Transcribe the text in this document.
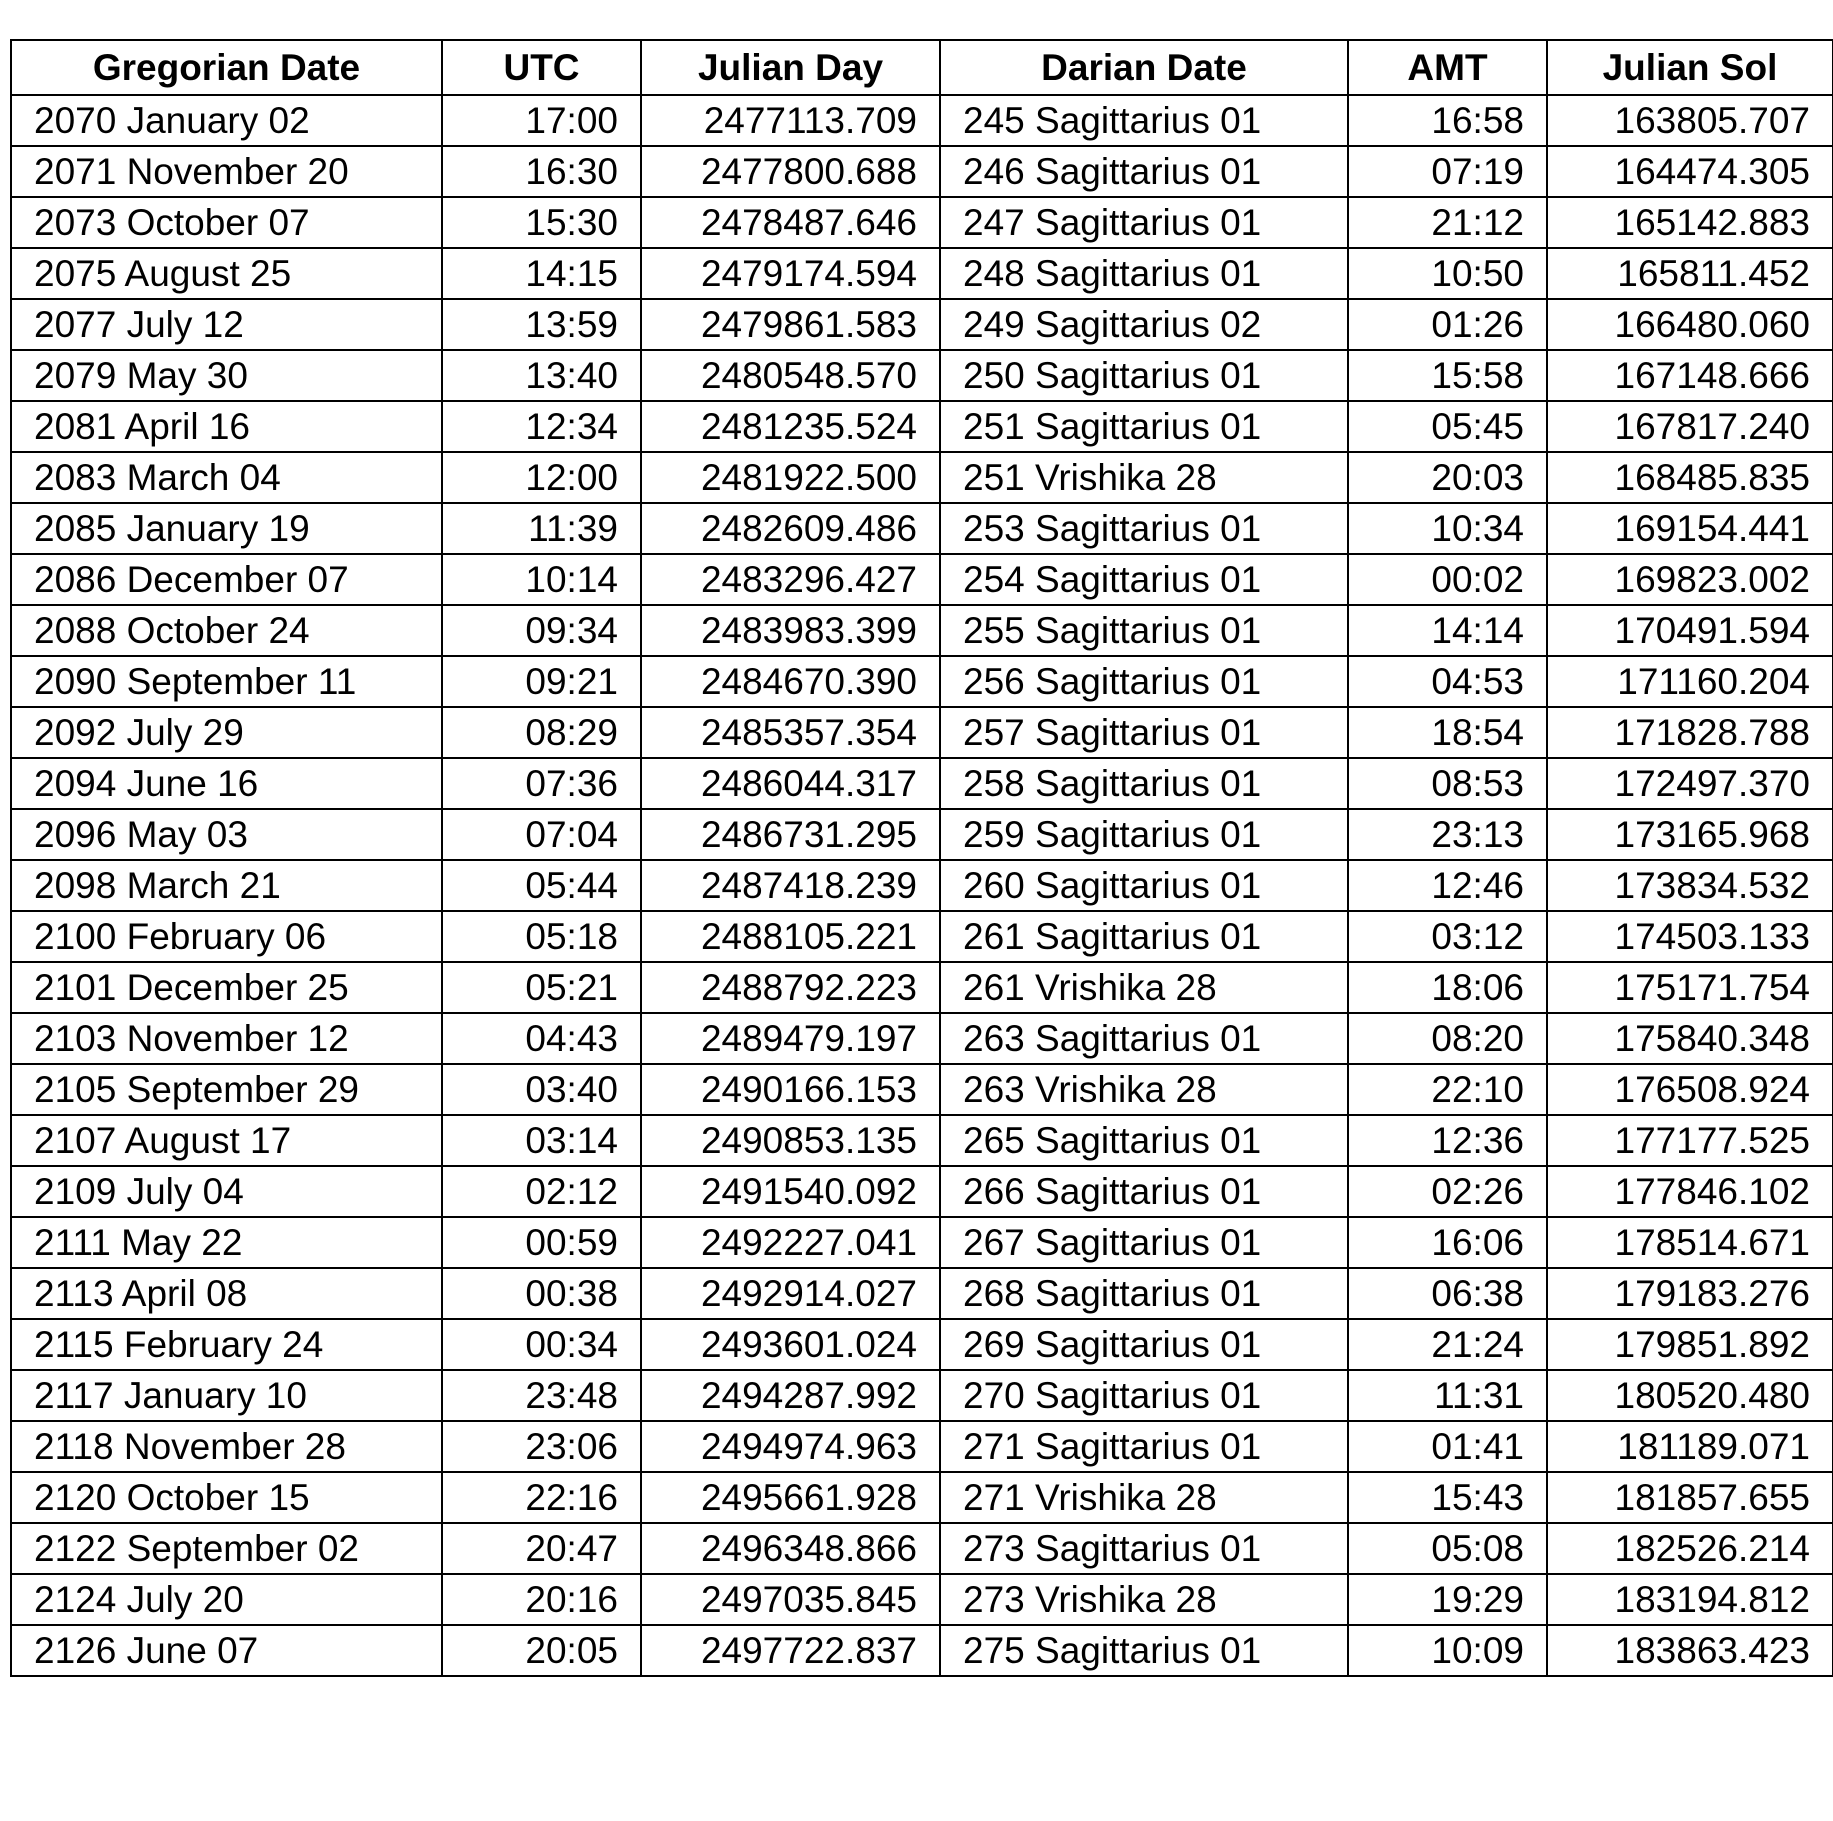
Gregorian Date	UTC	Julian Day	Darian Date	AMT	Julian Sol
2070 January 02	17:00	2477113.709	245 Sagittarius 01	16:58	163805.707
2071 November 20	16:30	2477800.688	246 Sagittarius 01	07:19	164474.305
2073 October 07	15:30	2478487.646	247 Sagittarius 01	21:12	165142.883
2075 August 25	14:15	2479174.594	248 Sagittarius 01	10:50	165811.452
2077 July 12	13:59	2479861.583	249 Sagittarius 02	01:26	166480.060
2079 May 30	13:40	2480548.570	250 Sagittarius 01	15:58	167148.666
2081 April 16	12:34	2481235.524	251 Sagittarius 01	05:45	167817.240
2083 March 04	12:00	2481922.500	251 Vrishika 28	20:03	168485.835
2085 January 19	11:39	2482609.486	253 Sagittarius 01	10:34	169154.441
2086 December 07	10:14	2483296.427	254 Sagittarius 01	00:02	169823.002
2088 October 24	09:34	2483983.399	255 Sagittarius 01	14:14	170491.594
2090 September 11	09:21	2484670.390	256 Sagittarius 01	04:53	171160.204
2092 July 29	08:29	2485357.354	257 Sagittarius 01	18:54	171828.788
2094 June 16	07:36	2486044.317	258 Sagittarius 01	08:53	172497.370
2096 May 03	07:04	2486731.295	259 Sagittarius 01	23:13	173165.968
2098 March 21	05:44	2487418.239	260 Sagittarius 01	12:46	173834.532
2100 February 06	05:18	2488105.221	261 Sagittarius 01	03:12	174503.133
2101 December 25	05:21	2488792.223	261 Vrishika 28	18:06	175171.754
2103 November 12	04:43	2489479.197	263 Sagittarius 01	08:20	175840.348
2105 September 29	03:40	2490166.153	263 Vrishika 28	22:10	176508.924
2107 August 17	03:14	2490853.135	265 Sagittarius 01	12:36	177177.525
2109 July 04	02:12	2491540.092	266 Sagittarius 01	02:26	177846.102
2111 May 22	00:59	2492227.041	267 Sagittarius 01	16:06	178514.671
2113 April 08	00:38	2492914.027	268 Sagittarius 01	06:38	179183.276
2115 February 24	00:34	2493601.024	269 Sagittarius 01	21:24	179851.892
2117 January 10	23:48	2494287.992	270 Sagittarius 01	11:31	180520.480
2118 November 28	23:06	2494974.963	271 Sagittarius 01	01:41	181189.071
2120 October 15	22:16	2495661.928	271 Vrishika 28	15:43	181857.655
2122 September 02	20:47	2496348.866	273 Sagittarius 01	05:08	182526.214
2124 July 20	20:16	2497035.845	273 Vrishika 28	19:29	183194.812
2126 June 07	20:05	2497722.837	275 Sagittarius 01	10:09	183863.423
